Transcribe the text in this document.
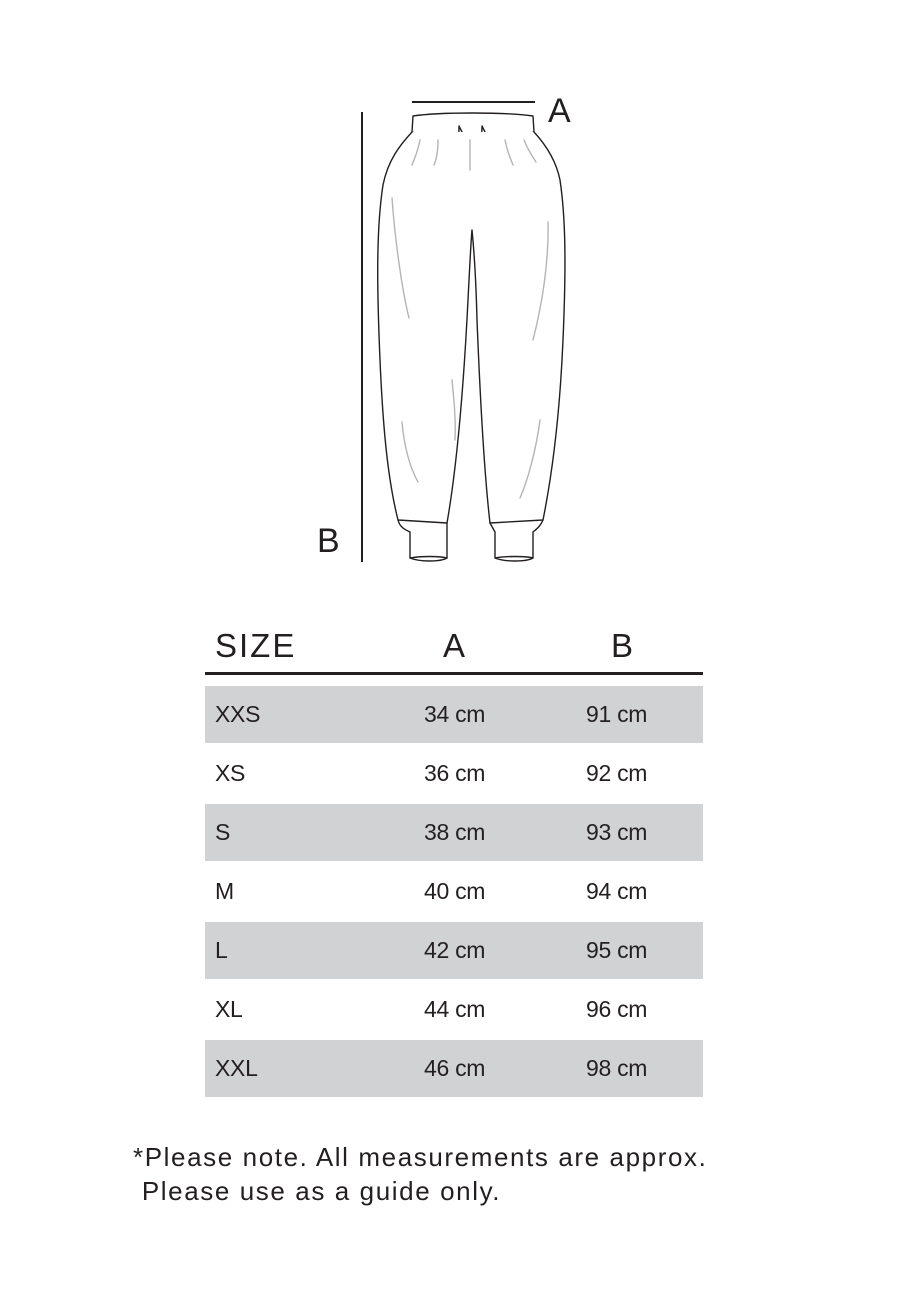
A
B
SIZE	A	B
XXS	34 cm	91 cm
XS	36 cm	92 cm
S	38 cm	93 cm
M	40 cm	94 cm
L	42 cm	95 cm
XL	44 cm	96 cm
XXL	46 cm	98 cm
*Please note. All measurements are approx.
Please use as a guide only.
